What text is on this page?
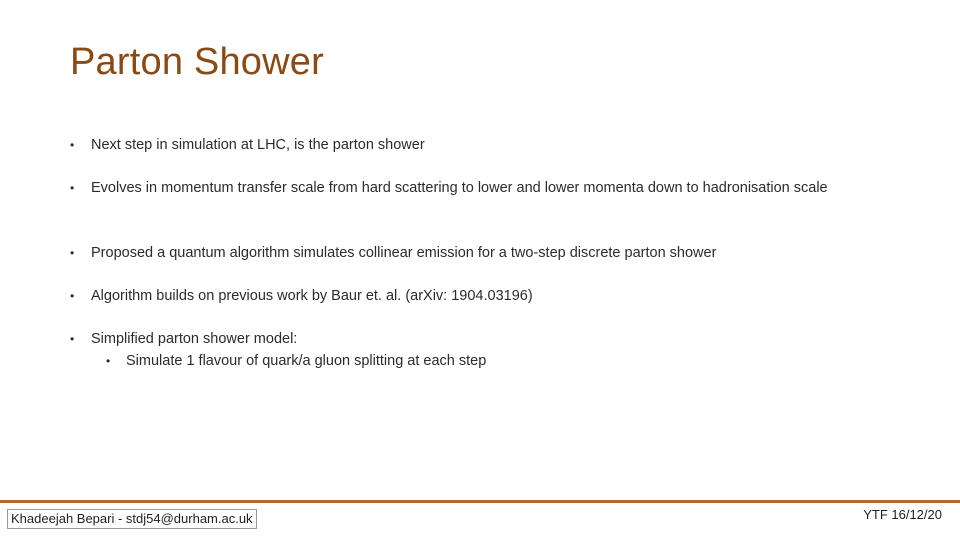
Parton Shower
•	Next step in simulation at LHC, is the parton shower
•	Evolves in momentum transfer scale from hard scattering to lower and lower momenta down to hadronisation scale
•	Proposed a quantum algorithm simulates collinear emission for a two-step discrete parton shower
•	Algorithm builds on previous work by Baur et. al. (arXiv: 1904.03196)
•	Simplified parton shower model:
•	Simulate 1 flavour of quark/a gluon splitting at each step
Khadeejah Bepari - stdj54@durham.ac.uk	YTF 16/12/20
